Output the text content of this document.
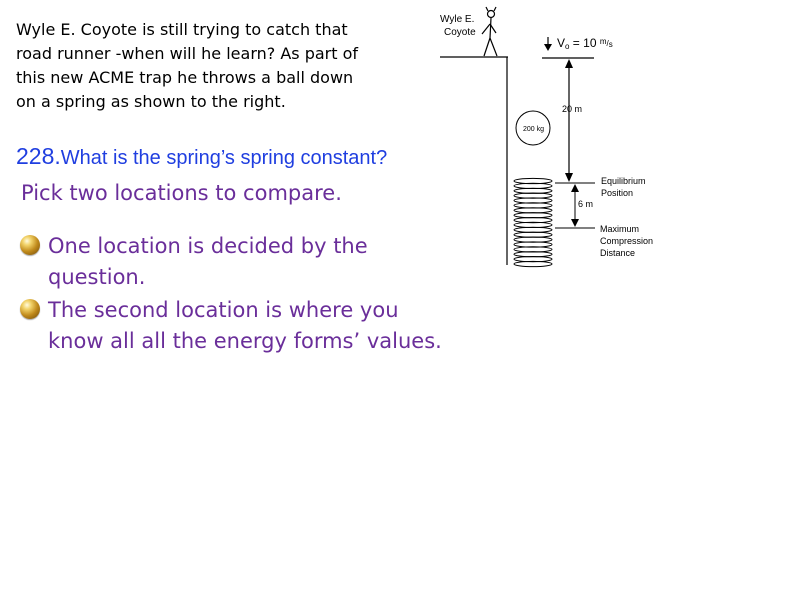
Wyle E. Coyote is still trying to catch that
road runner -when will he learn? As part of
this new ACME trap he throws a ball down
on a spring as shown to the right.
228.What is the spring’s spring constant?
Pick two locations to compare.
One location is decided by the
question.
The second location is where you
know all all the energy forms’ values.
Wyle E.
Coyote
Vo = 10 $^m$/s
20 m
200 kg
6 m
Equilibrium
Position
Maximum
Compression
Distance
